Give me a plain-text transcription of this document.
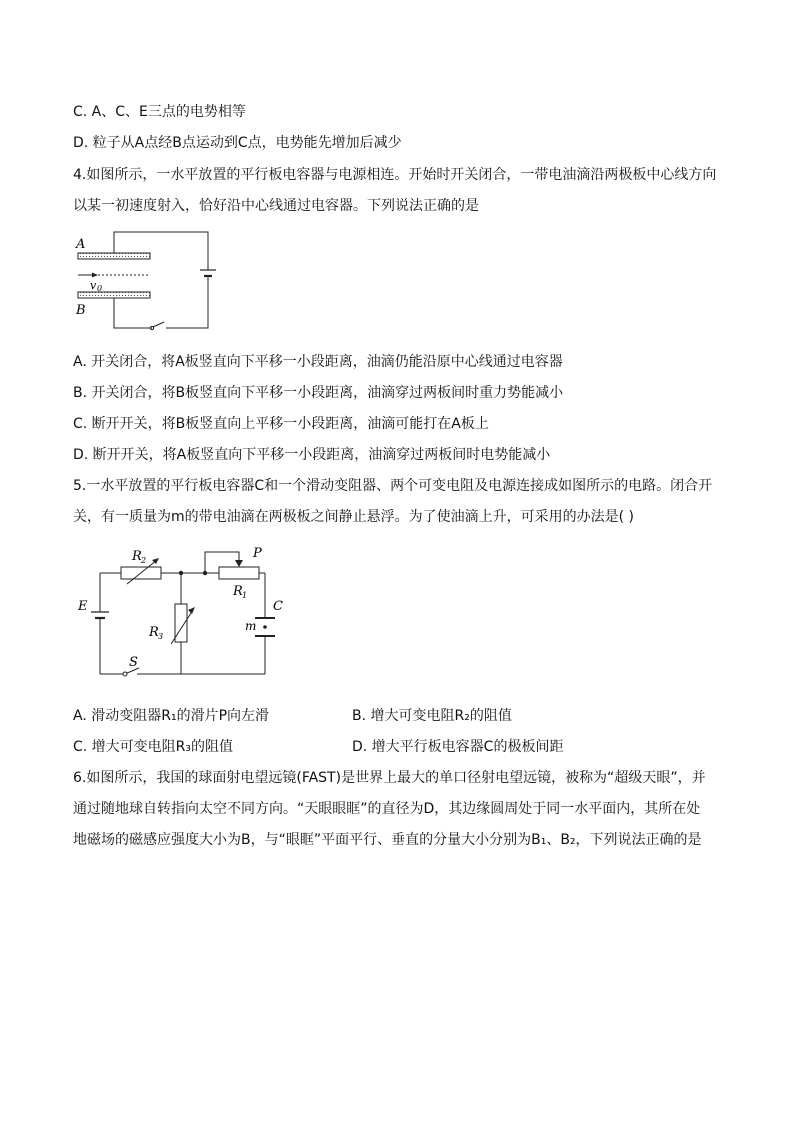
C. A、C、E三点的电势相等
D. 粒子从A点经B点运动到C点，电势能先增加后减少
4.如图所示，一水平放置的平行板电容器与电源相连。开始时开关闭合，一带电油滴沿两极板中心线方向
以某一初速度射入，恰好沿中心线通过电容器。下列说法正确的是
A
v 0
B
A. 开关闭合，将A板竖直向下平移一小段距离，油滴仍能沿原中心线通过电容器
B. 开关闭合，将B板竖直向下平移一小段距离，油滴穿过两板间时重力势能减小
C. 断开开关，将B板竖直向上平移一小段距离，油滴可能打在A板上
D. 断开开关，将A板竖直向下平移一小段距离，油滴穿过两板间时电势能减小
5.一水平放置的平行板电容器C和一个滑动变阻器、两个可变电阻及电源连接成如图所示的电路。闭合开
关，有一质量为m的带电油滴在两极板之间静止悬浮。为了使油滴上升，可采用的办法是( )
R 2	P
R 1
C
E
m
R 3
S
A. 滑动变阻器R₁的滑片P向左滑	B. 增大可变电阻R₂的阻值
C. 增大可变电阻R₃的阻值	D. 增大平行板电容器C的极板间距
6.如图所示，我国的球面射电望远镜(FAST)是世界上最大的单口径射电望远镜，被称为“超级天眼”，并
通过随地球自转指向太空不同方向。“天眼眼眶”的直径为D，其边缘圆周处于同一水平面内，其所在处
地磁场的磁感应强度大小为B，与“眼眶”平面平行、垂直的分量大小分别为B₁、B₂，下列说法正确的是
